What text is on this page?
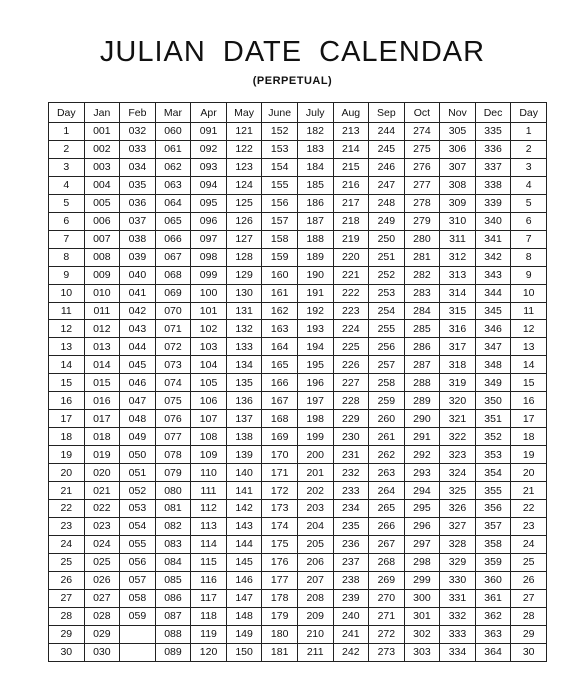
JULIAN DATE CALENDAR
(PERPETUAL)
Day	Jan	Feb	Mar	Apr	May	June	July	Aug	Sep	Oct	Nov	Dec	Day
1	001	032	060	091	121	152	182	213	244	274	305	335	1
2	002	033	061	092	122	153	183	214	245	275	306	336	2
3	003	034	062	093	123	154	184	215	246	276	307	337	3
4	004	035	063	094	124	155	185	216	247	277	308	338	4
5	005	036	064	095	125	156	186	217	248	278	309	339	5
6	006	037	065	096	126	157	187	218	249	279	310	340	6
7	007	038	066	097	127	158	188	219	250	280	311	341	7
8	008	039	067	098	128	159	189	220	251	281	312	342	8
9	009	040	068	099	129	160	190	221	252	282	313	343	9
10	010	041	069	100	130	161	191	222	253	283	314	344	10
11	011	042	070	101	131	162	192	223	254	284	315	345	11
12	012	043	071	102	132	163	193	224	255	285	316	346	12
13	013	044	072	103	133	164	194	225	256	286	317	347	13
14	014	045	073	104	134	165	195	226	257	287	318	348	14
15	015	046	074	105	135	166	196	227	258	288	319	349	15
16	016	047	075	106	136	167	197	228	259	289	320	350	16
17	017	048	076	107	137	168	198	229	260	290	321	351	17
18	018	049	077	108	138	169	199	230	261	291	322	352	18
19	019	050	078	109	139	170	200	231	262	292	323	353	19
20	020	051	079	110	140	171	201	232	263	293	324	354	20
21	021	052	080	111	141	172	202	233	264	294	325	355	21
22	022	053	081	112	142	173	203	234	265	295	326	356	22
23	023	054	082	113	143	174	204	235	266	296	327	357	23
24	024	055	083	114	144	175	205	236	267	297	328	358	24
25	025	056	084	115	145	176	206	237	268	298	329	359	25
26	026	057	085	116	146	177	207	238	269	299	330	360	26
27	027	058	086	117	147	178	208	239	270	300	331	361	27
28	028	059	087	118	148	179	209	240	271	301	332	362	28
29	029		088	119	149	180	210	241	272	302	333	363	29
30	030		089	120	150	181	211	242	273	303	334	364	30
